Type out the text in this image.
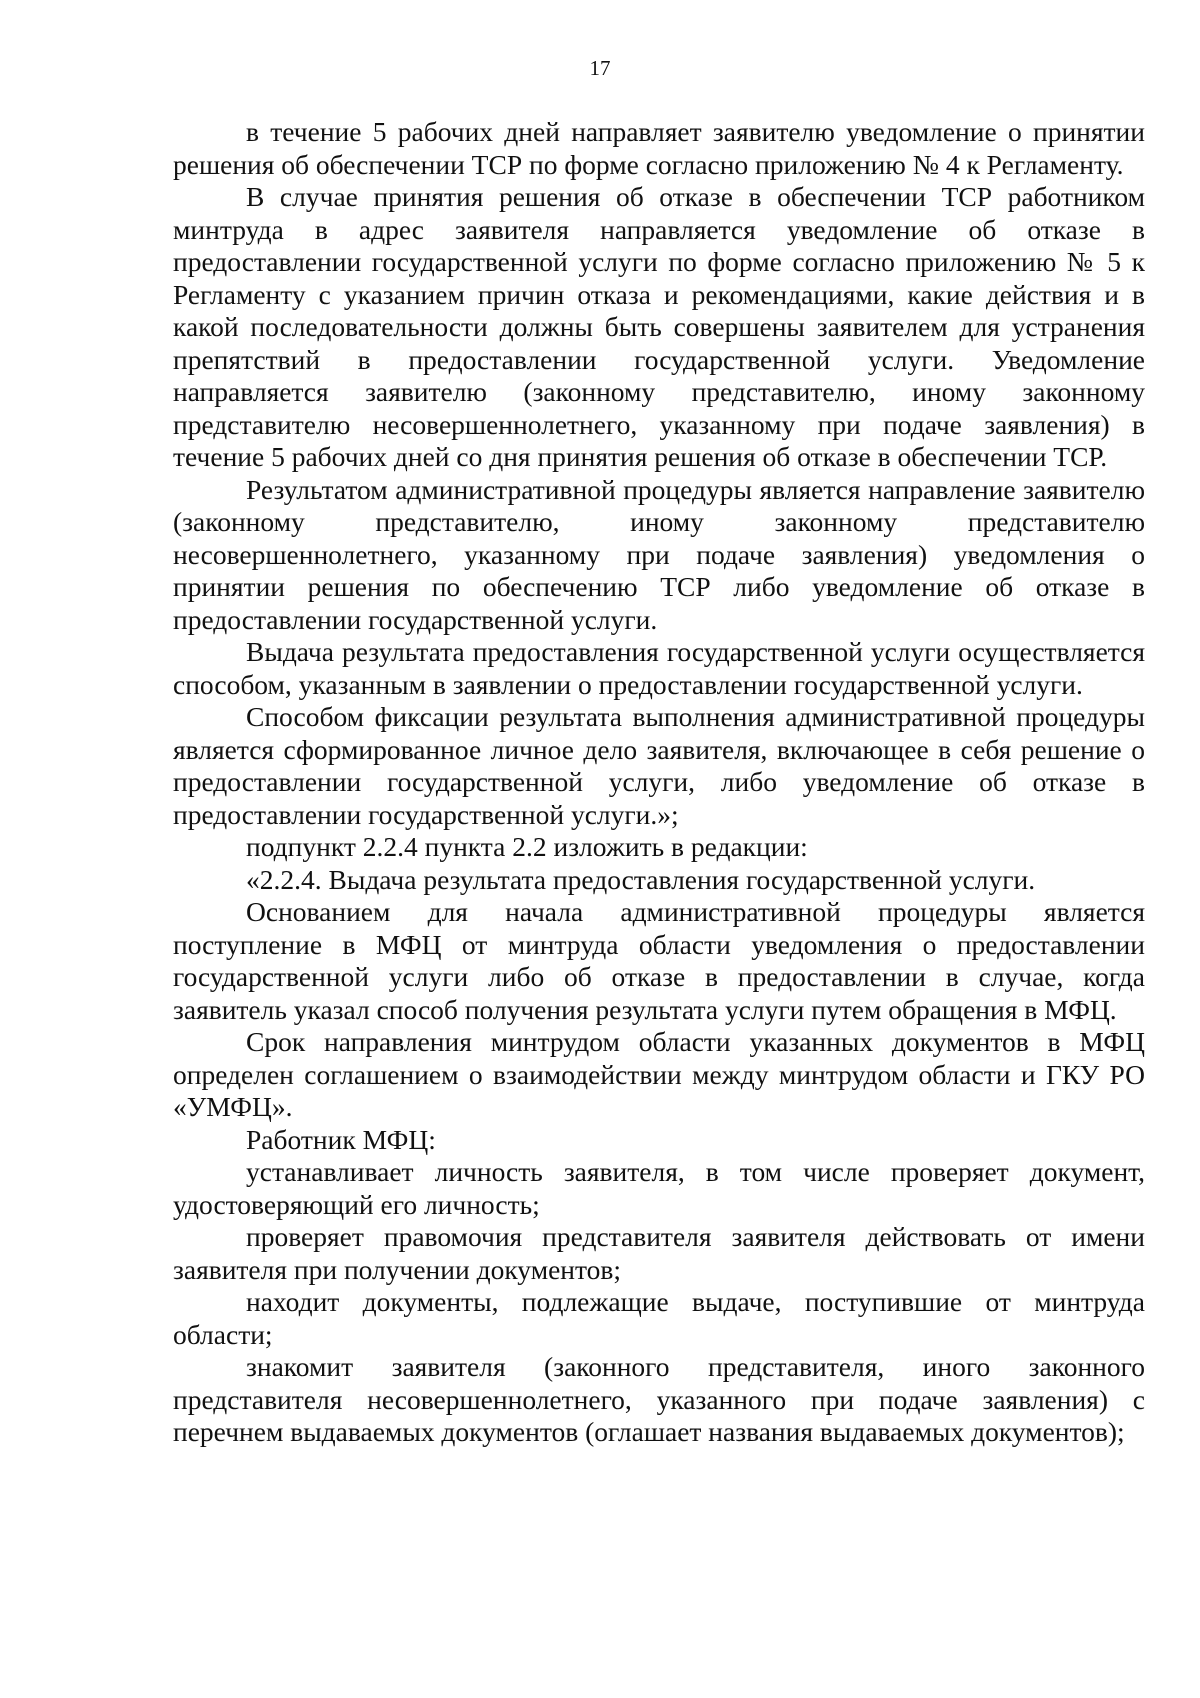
17

в течение 5 рабочих дней направляет заявителю уведомление о принятии решения об обеспечении ТСР по форме согласно приложению № 4 к Регламенту.

В случае принятия решения об отказе в обеспечении ТСР работником минтруда в адрес заявителя направляется уведомление об отказе в предоставлении государственной услуги по форме согласно приложению № 5 к Регламенту с указанием причин отказа и рекомендациями, какие действия и в какой последовательности должны быть совершены заявителем для устранения препятствий в предоставлении государственной услуги. Уведомление направляется заявителю (законному представителю, иному законному представителю несовершеннолетнего, указанному при подаче заявления) в течение 5 рабочих дней со дня принятия решения об отказе в обеспечении ТСР.

Результатом административной процедуры является направление заявителю (законному представителю, иному законному представителю несовершеннолетнего, указанному при подаче заявления) уведомления о принятии решения по обеспечению ТСР либо уведомление об отказе в предоставлении государственной услуги.

Выдача результата предоставления государственной услуги осуществляется способом, указанным в заявлении о предоставлении государственной услуги.

Способом фиксации результата выполнения административной процедуры является сформированное личное дело заявителя, включающее в себя решение о предоставлении государственной услуги, либо уведомление об отказе в предоставлении государственной услуги.»;

подпункт 2.2.4 пункта 2.2 изложить в редакции:

«2.2.4. Выдача результата предоставления государственной услуги.

Основанием для начала административной процедуры является поступление в МФЦ от минтруда области уведомления о предоставлении государственной услуги либо об отказе в предоставлении в случае, когда заявитель указал способ получения результата услуги путем обращения в МФЦ.

Срок направления минтрудом области указанных документов в МФЦ определен соглашением о взаимодействии между минтрудом области и ГКУ РО «УМФЦ».

Работник МФЦ:

устанавливает личность заявителя, в том числе проверяет документ, удостоверяющий его личность;

проверяет правомочия представителя заявителя действовать от имени заявителя при получении документов;

находит документы, подлежащие выдаче, поступившие от минтруда области;

знакомит заявителя (законного представителя, иного законного представителя несовершеннолетнего, указанного при подаче заявления) с перечнем выдаваемых документов (оглашает названия выдаваемых документов);
